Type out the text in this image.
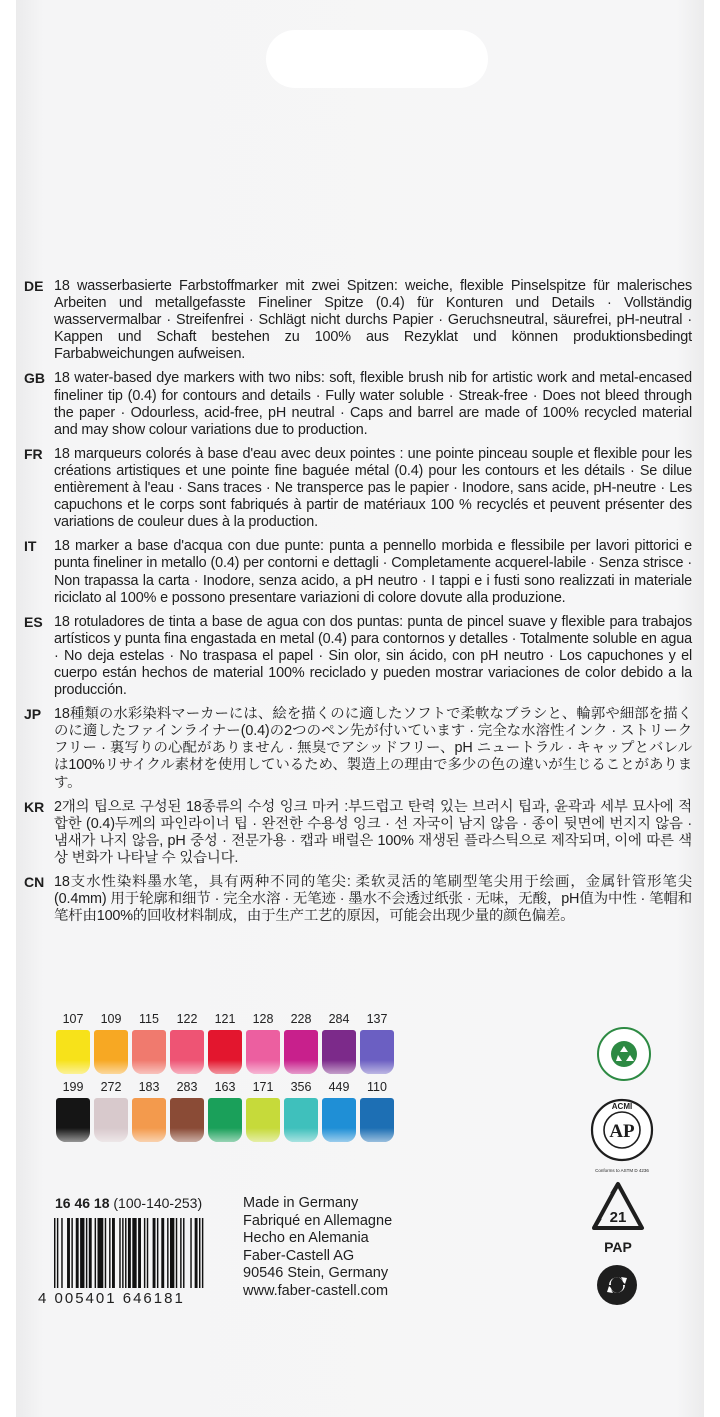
DE 18 wasserbasierte Farbstoffmarker mit zwei Spitzen: weiche, flexible Pinselspitze für malerisches Arbeiten und metallgefasste Fineliner Spitze (0.4) für Konturen und Details · Vollständig wasservermalbar · Streifenfrei · Schlägt nicht durchs Papier · Geruchsneutral, säurefrei, pH-neutral · Kappen und Schaft bestehen zu 100% aus Rezyklat und können produktionsbedingt Farbabweichungen aufweisen.
GB 18 water-based dye markers with two nibs: soft, flexible brush nib for artistic work and metal-encased fineliner tip (0.4) for contours and details · Fully water soluble · Streak-free · Does not bleed through the paper · Odourless, acid-free, pH neutral · Caps and barrel are made of 100% recycled material and may show colour variations due to production.
FR 18 marqueurs colorés à base d'eau avec deux pointes : une pointe pinceau souple et flexible pour les créations artistiques et une pointe fine baguée métal (0.4) pour les contours et les détails · Se dilue entièrement à l'eau · Sans traces · Ne transperce pas le papier · Inodore, sans acide, pH-neutre · Les capuchons et le corps sont fabriqués à partir de matériaux 100 % recyclés et peuvent présenter des variations de couleur dues à la production.
IT 18 marker a base d'acqua con due punte: punta a pennello morbida e flessibile per lavori pittorici e punta fineliner in metallo (0.4) per contorni e dettagli · Completamente acquerel-labile · Senza strisce · Non trapassa la carta · Inodore, senza acido, a pH neutro · I tappi e i fusti sono realizzati in materiale riciclato al 100% e possono presentare variazioni di colore dovute alla produzione.
ES 18 rotuladores de tinta a base de agua con dos puntas: punta de pincel suave y flexible para trabajos artísticos y punta fina engastada en metal (0.4) para contornos y detalles · Totalmente soluble en agua · No deja estelas · No traspasa el papel · Sin olor, sin ácido, con pH neutro · Los capuchones y el cuerpo están hechos de material 100% reciclado y pueden mostrar variaciones de color debido a la producción.
JP 18種類の水彩染料マーカーには、絵を描くのに適したソフトで柔軟なブラシと、輪郭や細部を描くのに適したファインライナー(0.4)の2つのペン先が付いています · 完全な水溶性インク · ストリークフリー · 裏写りの心配がありません · 無臭でアシッドフリー、pH ニュートラル · キャップとバレルは100%リサイクル素材を使用しているため、製造上の理由で多少の色の違いが生じることがあります。
KR 2개의 팁으로 구성된 18종류의 수성 잉크 마커 :부드럽고 탄력 있는 브러시 팁과, 윤곽과 세부 묘사에 적합한 (0.4)두께의 파인라이너 팁 · 완전한 수용성 잉크 · 선 자국이 남지 않음 · 종이 뒷면에 번지지 않음 · 냄새가 나지 않음, pH 중성 · 전문가용 · 캡과 배럴은 100% 재생된 플라스틱으로 제작되며, 이에 따른 색상 변화가 나타날 수 있습니다.
CN 18支水性染料墨水笔，具有两种不同的笔尖: 柔软灵活的笔刷型笔尖用于绘画，金属针管形笔尖 (0.4mm) 用于轮廓和细节 · 完全水溶 · 无笔迹 · 墨水不会透过纸张 · 无味，无酸，pH值为中性 · 笔帽和笔杆由100%的回收材料制成，由于生产工艺的原因，可能会出现少量的颜色偏差。
107	109	115	122	121	128	228	284	137
199	272	183	283	163	171	356	449	110
AP
ACMI
Conforms to ASTM D 4236
21
PAP
16 46 18 (100-140-253)	Made in Germany
Fabriqué en Allemagne
Hecho en Alemania
Faber-Castell AG
90546 Stein, Germany
www.faber-castell.com
4 005401 646181
